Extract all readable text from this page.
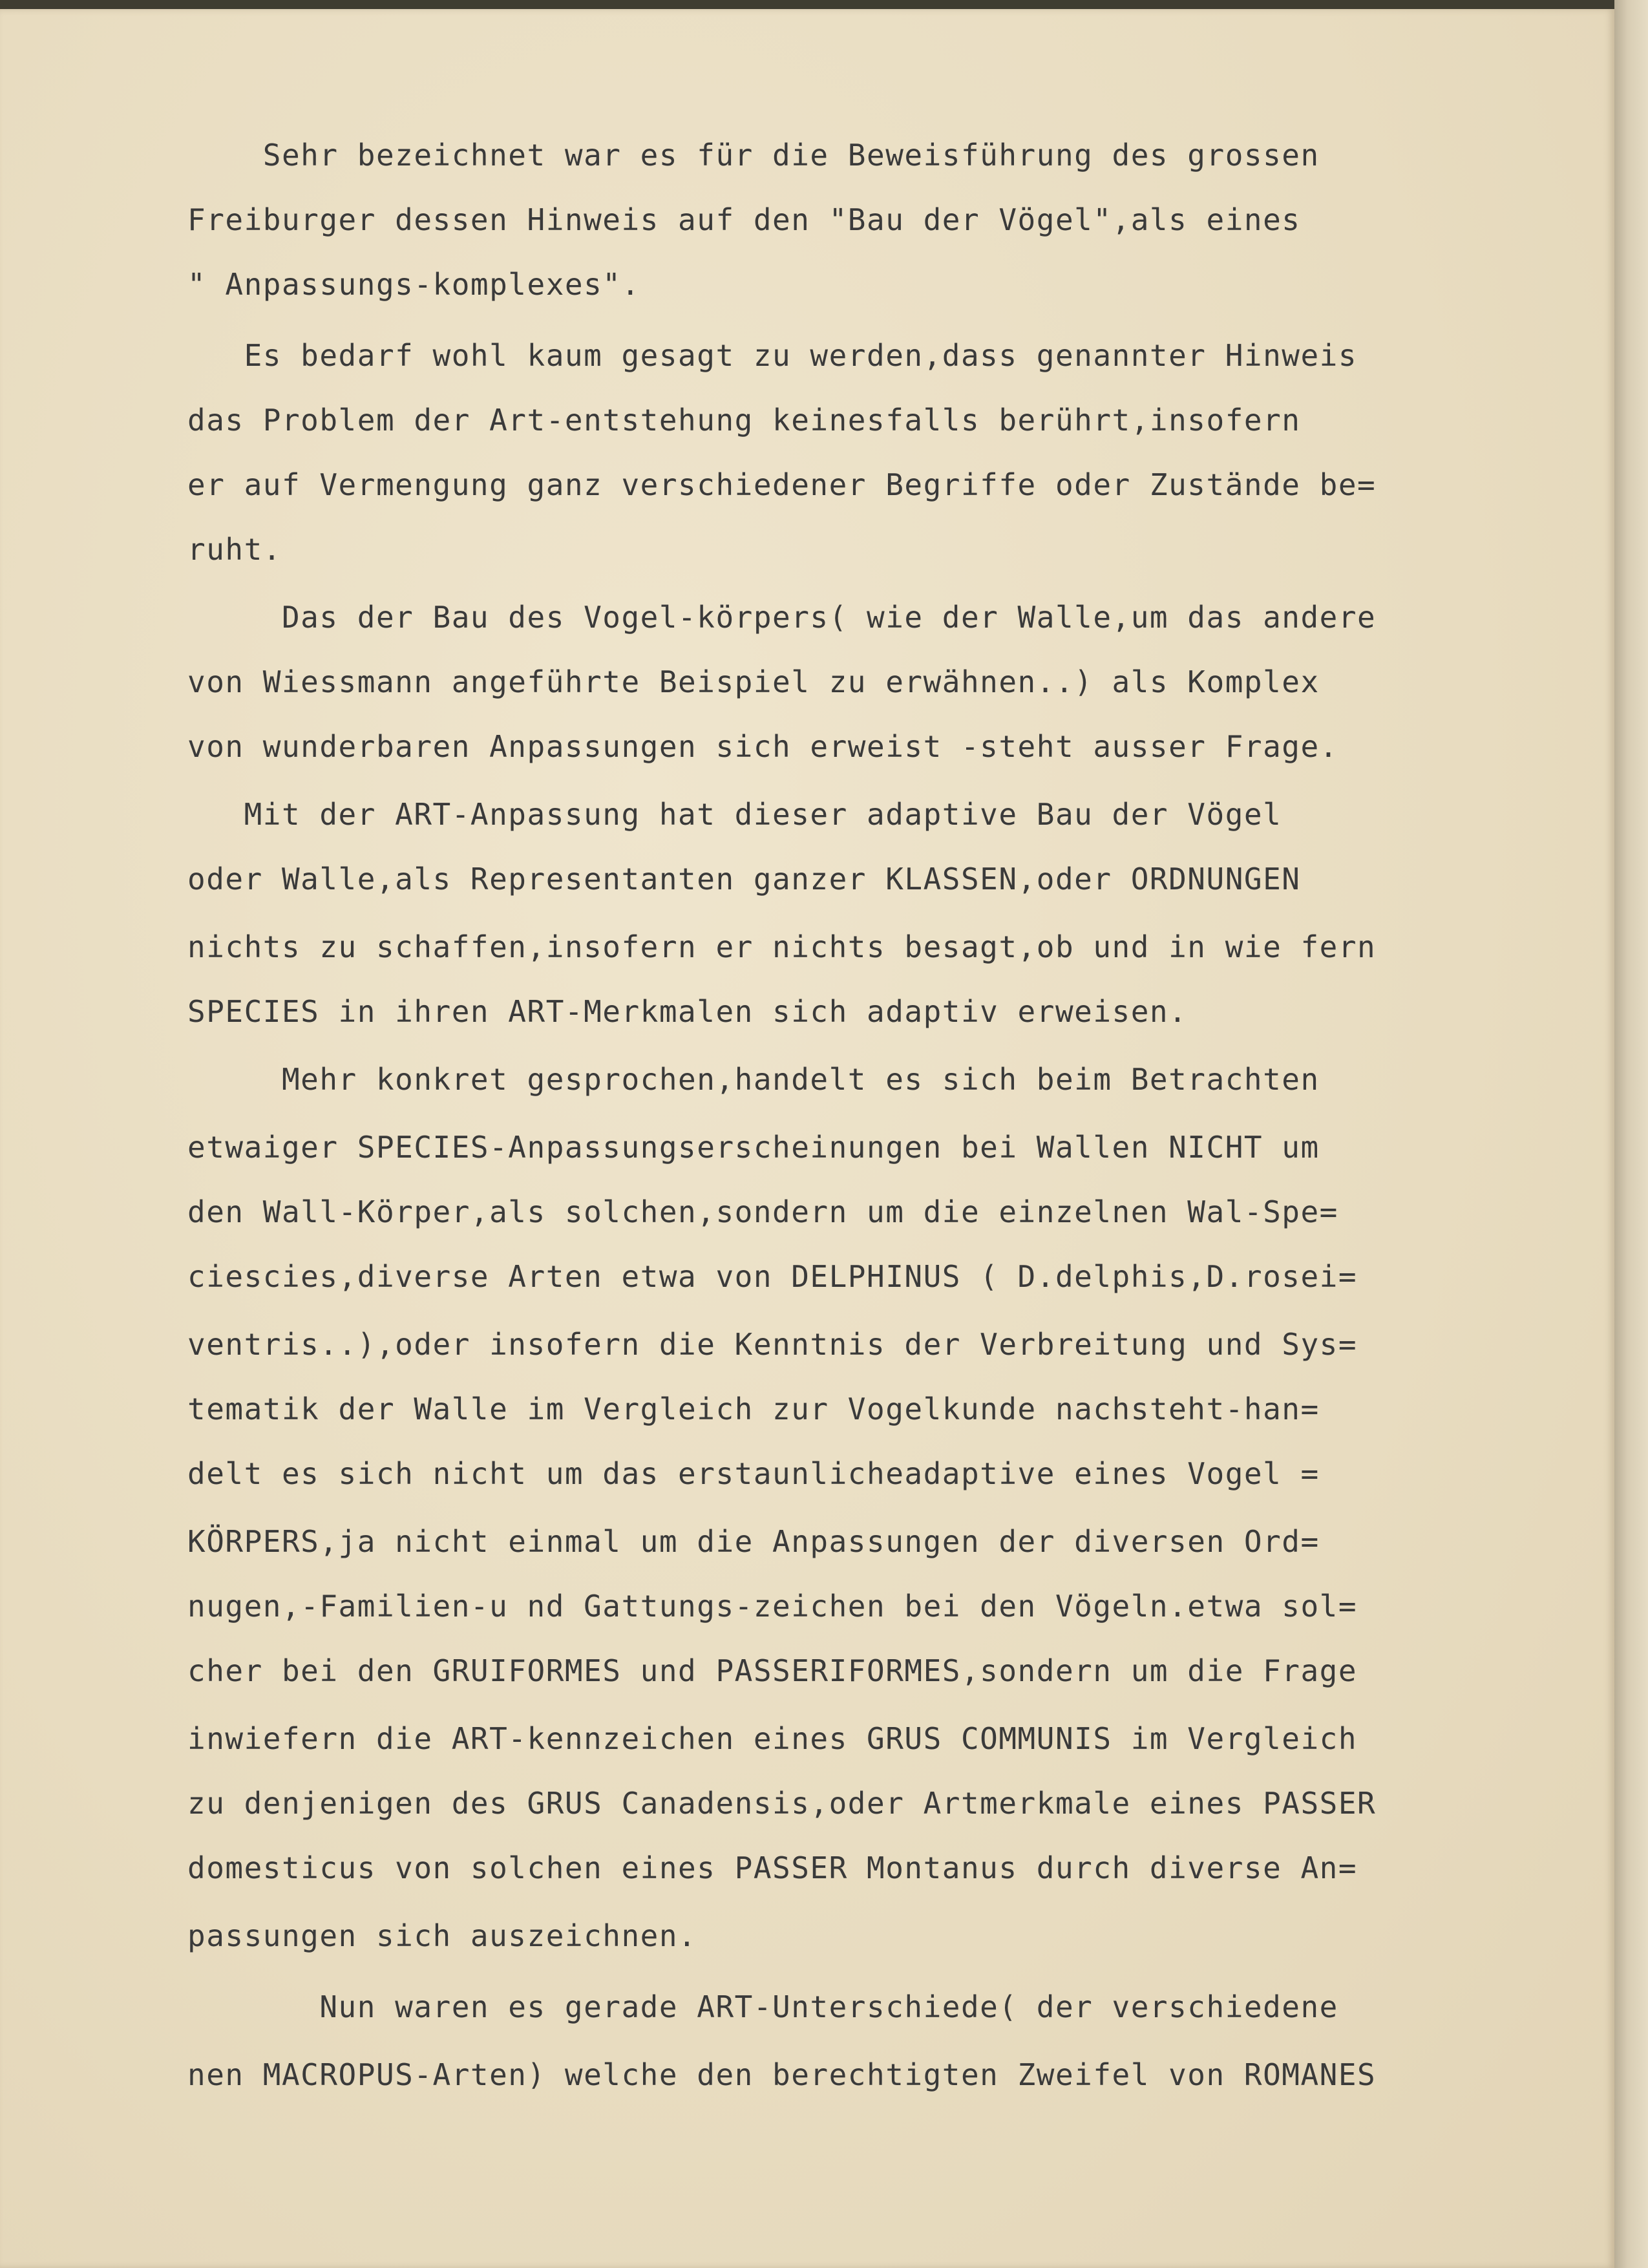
Sehr bezeichnet war es für die Beweisführung des grossen
Freiburger dessen Hinweis auf den "Bau der Vögel",als eines
" Anpassungs-komplexes".
Es bedarf wohl kaum gesagt zu werden,dass genannter Hinweis
das Problem der Art-entstehung keinesfalls berührt,insofern
er auf Vermengung ganz verschiedener Begriffe oder Zustände be=
ruht.
Das der Bau des Vogel-körpers( wie der Walle,um das andere
von Wiessmann angeführte Beispiel zu erwähnen..) als Komplex
von wunderbaren Anpassungen sich erweist -steht ausser Frage.
Mit der ART-Anpassung hat dieser adaptive Bau der Vögel
oder Walle,als Representanten ganzer KLASSEN,oder ORDNUNGEN
nichts zu schaffen,insofern er nichts besagt,ob und in wie fern
SPECIES in ihren ART-Merkmalen sich adaptiv erweisen.
Mehr konkret gesprochen,handelt es sich beim Betrachten
etwaiger SPECIES-Anpassungserscheinungen bei Wallen NICHT um
den Wall-Körper,als solchen,sondern um die einzelnen Wal-Spe=
ciescies,diverse Arten etwa von DELPHINUS ( D.delphis,D.rosei=
ventris..),oder insofern die Kenntnis der Verbreitung und Sys=
tematik der Walle im Vergleich zur Vogelkunde nachsteht-han=
delt es sich nicht um das erstaunlicheadaptive eines Vogel =
KÖRPERS,ja nicht einmal um die Anpassungen der diversen Ord=
nugen,-Familien-u nd Gattungs-zeichen bei den Vögeln.etwa sol=
cher bei den GRUIFORMES und PASSERIFORMES,sondern um die Frage
inwiefern die ART-kennzeichen eines GRUS COMMUNIS im Vergleich
zu denjenigen des GRUS Canadensis,oder Artmerkmale eines PASSER
domesticus von solchen eines PASSER Montanus durch diverse An=
passungen sich auszeichnen.
Nun waren es gerade ART-Unterschiede( der verschiedene
nen MACROPUS-Arten) welche den berechtigten Zweifel von ROMANES
